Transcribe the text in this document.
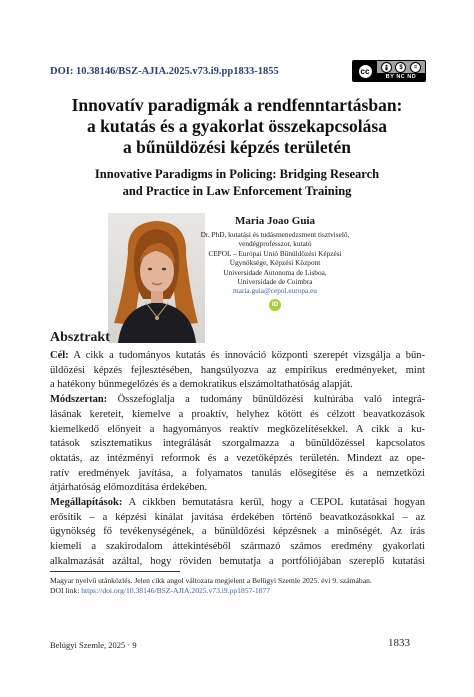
DOI: 10.38146/BSZ-AJIA.2025.v73.i9.pp1833-1855	cc	$	=
BY NC ND
Innovatív paradigmák a rendfenntartásban:
a kutatás és a gyakorlat összekapcsolása
a bűnüldözési képzés területén
Innovative Paradigms in Policing: Bridging Research
and Practice in Law Enforcement Training
Maria Joao Guia
Dr. PhD, kutatási és tudásmenedzsment tisztviselő,
vendégprofesszor, kutató
CEPOL – Európai Unió Bűnüldözési Képzési
Ügynöksége, Képzési Központ
Universidade Autonoma de Lisboa,
Universidade de Coimbra
maria.guia@cepol.europa.eu
iD
Absztrakt
Cél: A cikk a tudományos kutatás és innováció központi szerepét vizsgálja a bűn-
üldözési képzés fejlesztésében, hangsúlyozva az empirikus eredményeket, mint
a hatékony bűnmegelőzés és a demokratikus elszámoltathatóság alapját.
Módszertan: Összefoglalja a tudomány bűnüldözési kultúrába való integrá-
lásának kereteit, kiemelve a proaktív, helyhez kötött és célzott beavatkozások
kiemelkedő előnyeit a hagyományos reaktív megközelítésekkel. A cikk a ku-
tatások szisztematikus integrálását szorgalmazza a bűnüldözéssel kapcsolatos
oktatás, az intézményi reformok és a vezetőképzés területén. Mindezt az ope-
ratív eredmények javítása, a folyamatos tanulás elősegítése és a nemzetközi
átjárhatóság előmozdítása érdekében.
Megállapítások: A cikkben bemutatásra kerül, hogy a CEPOL kutatásai hogyan
erősítik – a képzési kínálat javítása érdekében történő beavatkozásokkal – az
ügynökség fő tevékenységének, a bűnüldözési képzésnek a minőségét. Az írás
kiemeli a szakirodalom áttekintéséből származó számos eredmény gyakorlati
alkalmazását azáltal, hogy röviden bemutatja a portfóliójában szereplő kutatási
Magyar nyelvű utánközlés. Jelen cikk angol változata megjelent a Belügyi Szemle 2025. évi 9. számában.
DOI link: https://doi.org/10.38146/BSZ-AJIA.2025.v73.i9.pp1857-1877
Belügyi Szemle, 2025 · 9	1833
